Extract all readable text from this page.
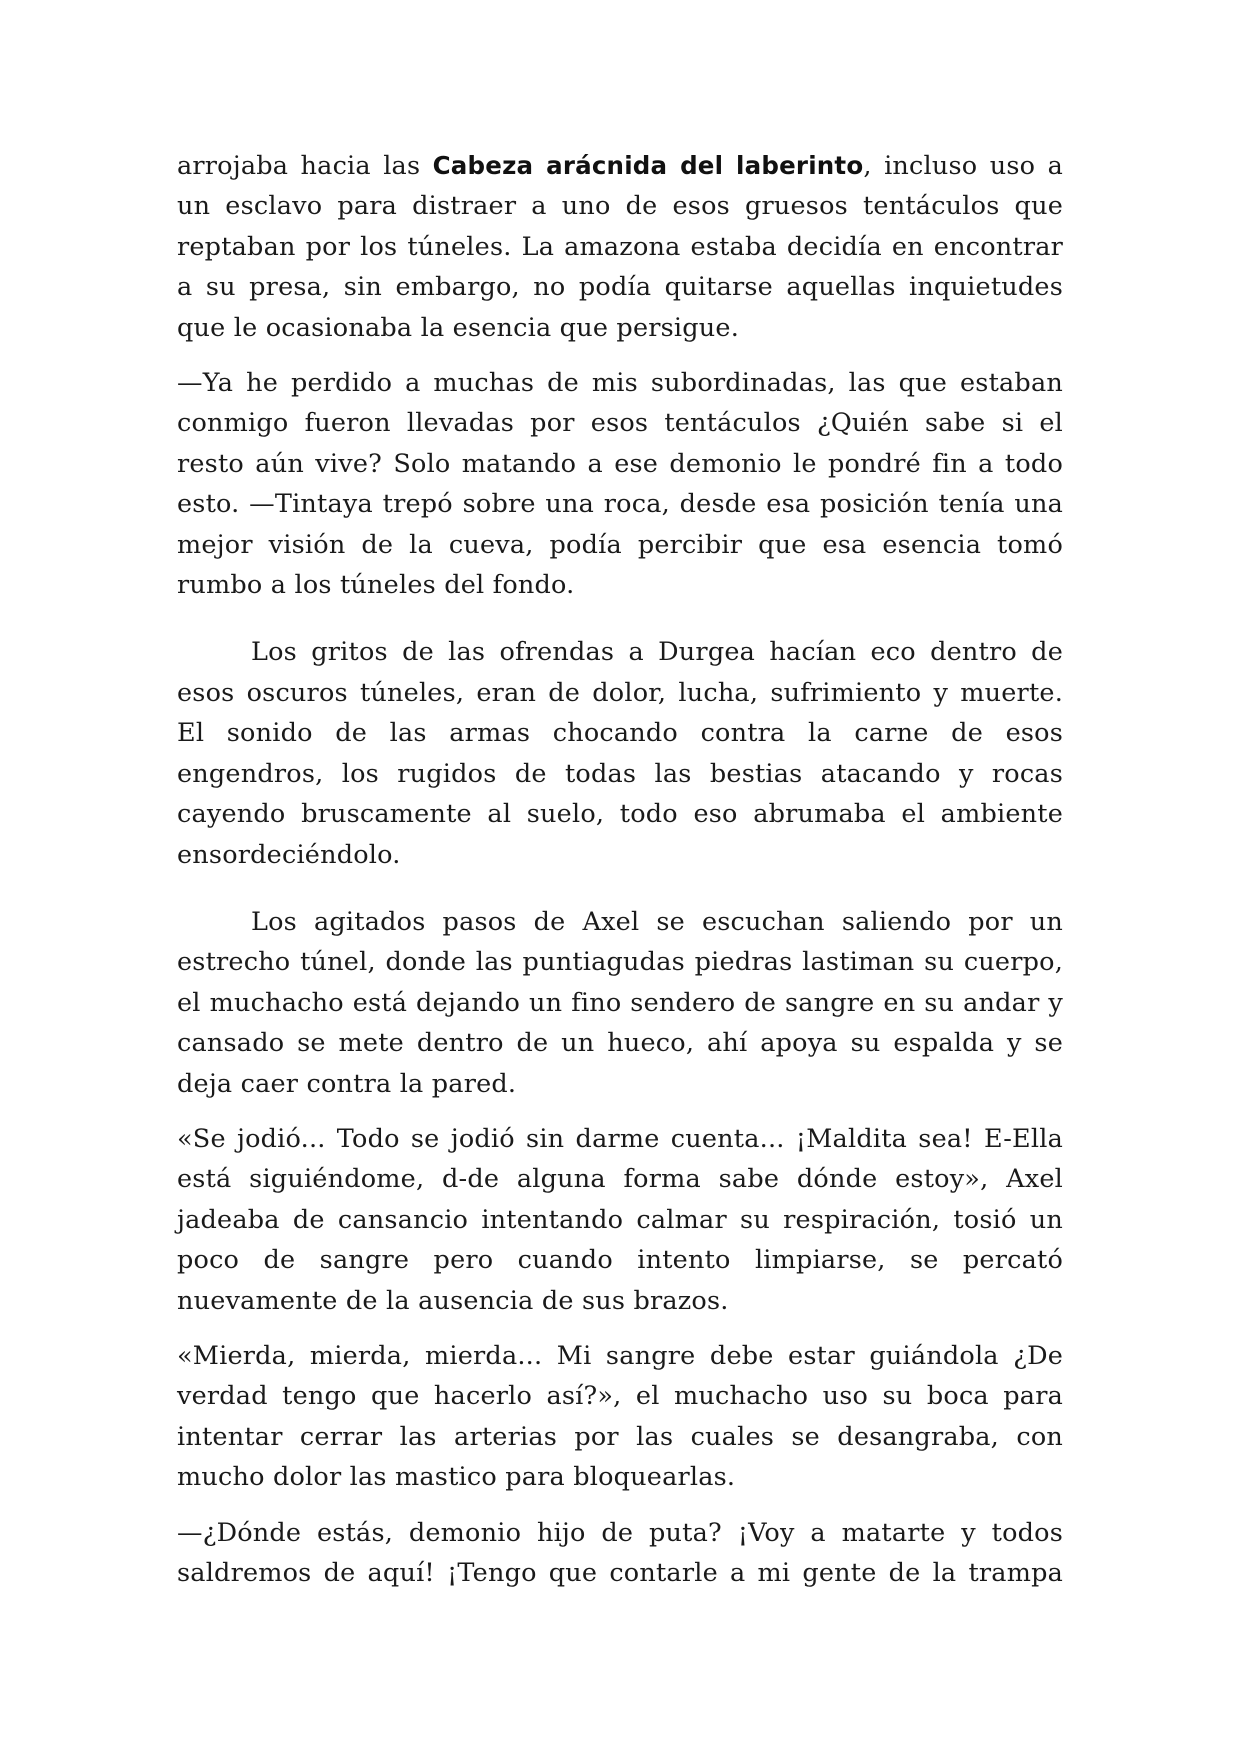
arrojaba hacia las Cabeza arácnida del laberinto, incluso uso a un esclavo para distraer a uno de esos gruesos tentáculos que reptaban por los túneles. La amazona estaba decidía en encontrar a su presa, sin embargo, no podía quitarse aquellas inquietudes que le ocasionaba la esencia que persigue.

—Ya he perdido a muchas de mis subordinadas, las que estaban conmigo fueron llevadas por esos tentáculos ¿Quién sabe si el resto aún vive? Solo matando a ese demonio le pondré fin a todo esto. —Tintaya trepó sobre una roca, desde esa posición tenía una mejor visión de la cueva, podía percibir que esa esencia tomó rumbo a los túneles del fondo.

Los gritos de las ofrendas a Durgea hacían eco dentro de esos oscuros túneles, eran de dolor, lucha, sufrimiento y muerte. El sonido de las armas chocando contra la carne de esos engendros, los rugidos de todas las bestias atacando y rocas cayendo bruscamente al suelo, todo eso abrumaba el ambiente ensordeciéndolo.

Los agitados pasos de Axel se escuchan saliendo por un estrecho túnel, donde las puntiagudas piedras lastiman su cuerpo, el muchacho está dejando un fino sendero de sangre en su andar y cansado se mete dentro de un hueco, ahí apoya su espalda y se deja caer contra la pared.

«Se jodió... Todo se jodió sin darme cuenta... ¡Maldita sea! E-Ella está siguiéndome, d-de alguna forma sabe dónde estoy», Axel jadeaba de cansancio intentando calmar su respiración, tosió un poco de sangre pero cuando intento limpiarse, se percató nuevamente de la ausencia de sus brazos.

«Mierda, mierda, mierda... Mi sangre debe estar guiándola ¿De verdad tengo que hacerlo así?», el muchacho uso su boca para intentar cerrar las arterias por las cuales se desangraba, con mucho dolor las mastico para bloquearlas.

—¿Dónde estás, demonio hijo de puta? ¡Voy a matarte y todos saldremos de aquí! ¡Tengo que contarle a mi gente de la trampa
